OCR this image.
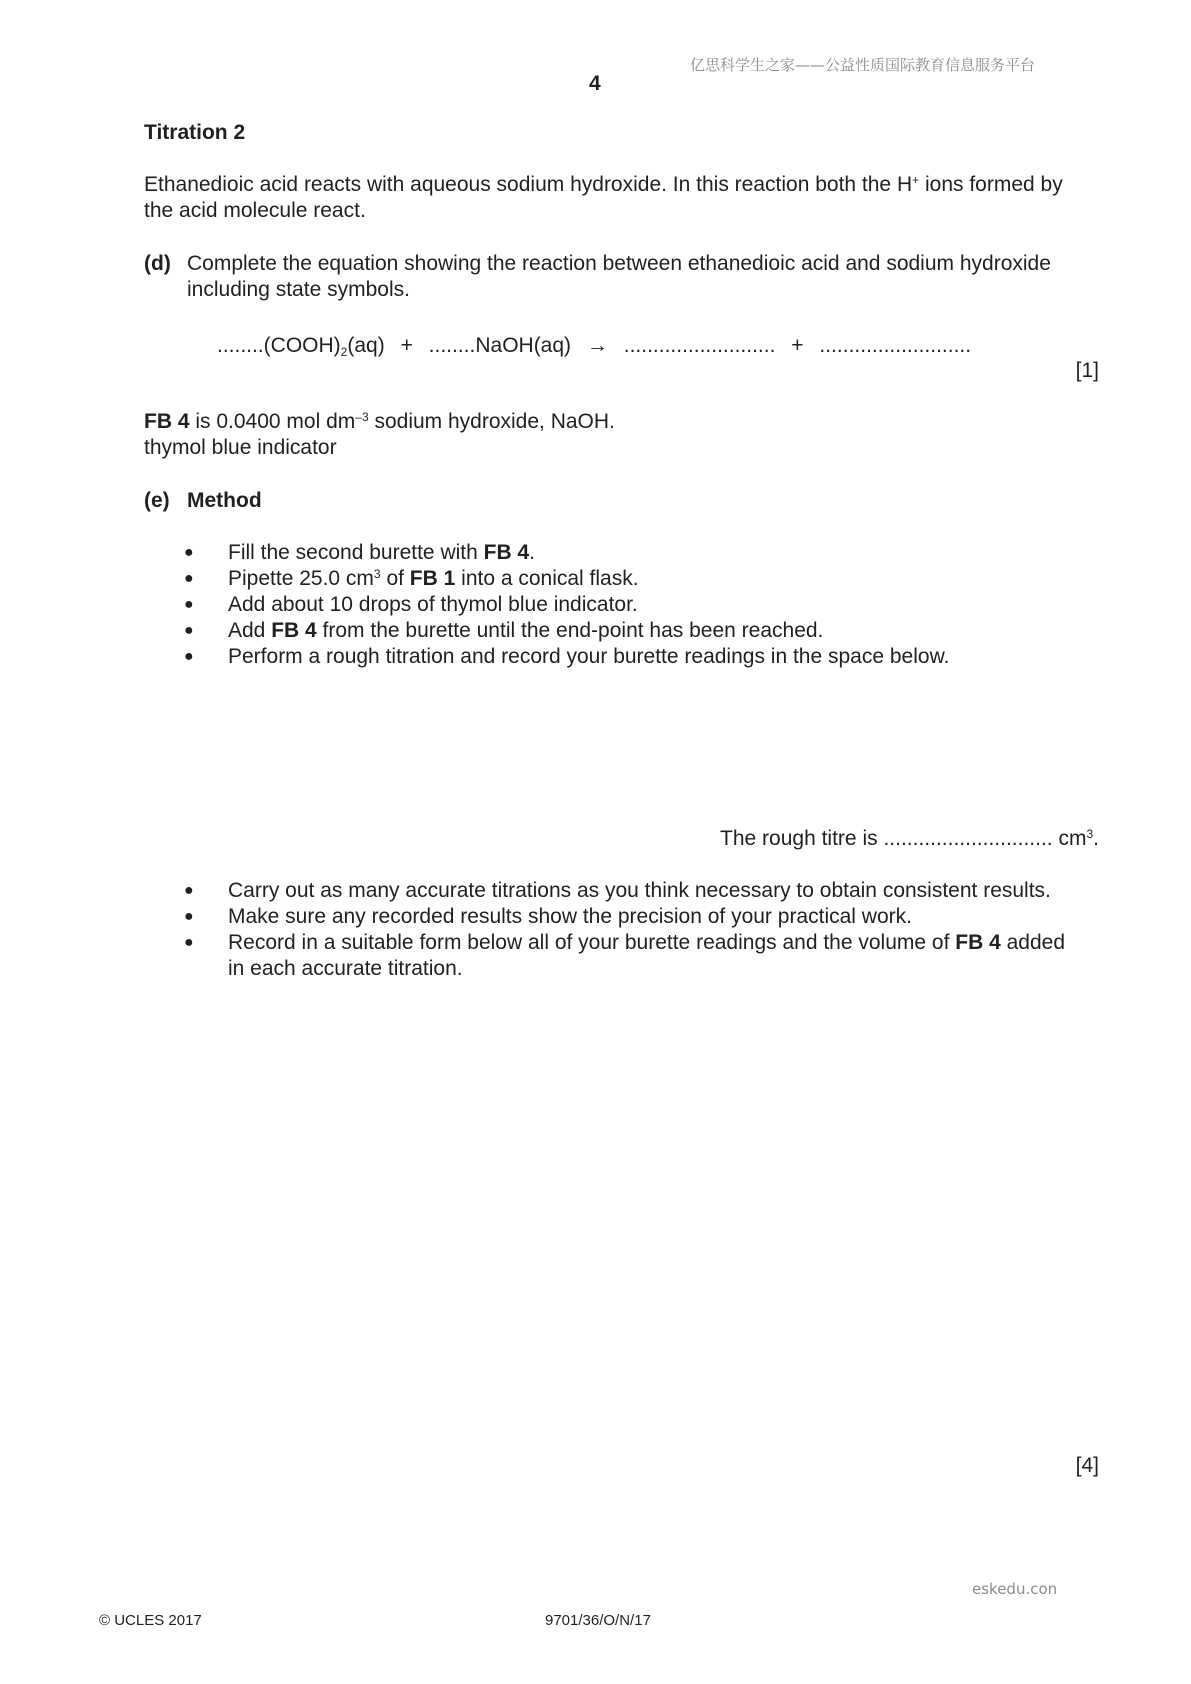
亿思科学生之家——公益性质国际教育信息服务平台
4
Titration 2
Ethanedioic acid reacts with aqueous sodium hydroxide. In this reaction both the H+ ions formed by
the acid molecule react.
(d) Complete the equation showing the reaction between ethanedioic acid and sodium hydroxide
including state symbols.
$........(COOH)_2(aq)$ + ........NaOH(aq) → .......................... + ..........................
[1]
FB 4 is 0.0400 mol $dm^{-3}$ sodium hydroxide, NaOH.
thymol blue indicator
(e) Method
● Fill the second burette with FB 4.
● Pipette 25.0 $cm^3$ of FB 1 into a conical flask.
● Add about 10 drops of thymol blue indicator.
● Add FB 4 from the burette until the end-point has been reached.
● Perform a rough titration and record your burette readings in the space below.
The rough titre is ............................. $cm^3$.
● Carry out as many accurate titrations as you think necessary to obtain consistent results.
● Make sure any recorded results show the precision of your practical work.
● Record in a suitable form below all of your burette readings and the volume of FB 4 added
in each accurate titration.
[4]
eskedu.con
© UCLES 2017	9701/36/O/N/17
